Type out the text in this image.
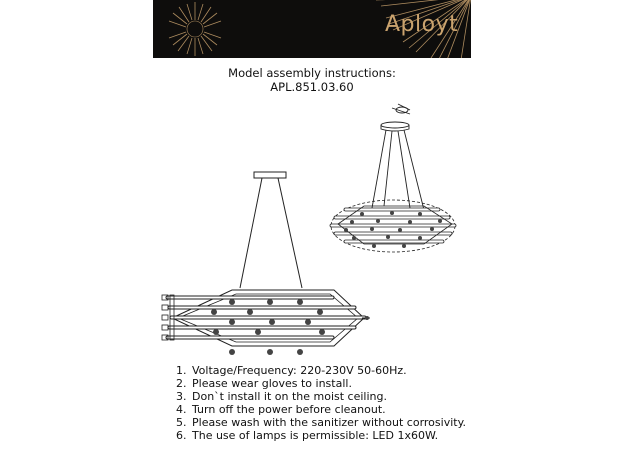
Aployt
Model assembly instructions:
APL.851.03.60
1. Voltage/Frequency: 220-230V 50-60Hz.
2. Please wear gloves to install.
3. Don`t install it on the moist ceiling.
4. Turn off the power before cleanout.
5. Please wash with the sanitizer without corrosivity.
6. The use of lamps is permissible: LED 1x60W.
